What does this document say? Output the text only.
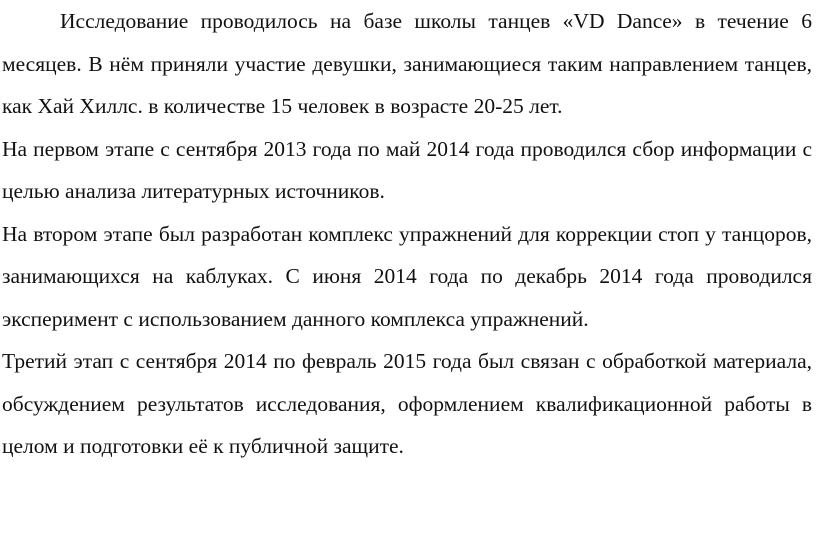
Исследование проводилось на базе школы танцев «VD Dance» в течение 6 месяцев. В нём приняли участие девушки, занимающиеся таким направлением танцев, как Хай Хиллс. в количестве 15 человек в возрасте 20-25 лет.

На первом этапе с сентября 2013 года по май 2014 года проводился сбор информации с целью анализа литературных источников.

На втором этапе был разработан комплекс упражнений для коррекции стоп у танцоров, занимающихся на каблуках. С июня 2014 года по декабрь 2014 года проводился эксперимент с использованием данного комплекса упражнений.

Третий этап с сентября 2014 по февраль 2015 года был связан с обработкой материала, обсуждением результатов исследования, оформлением квалификационной работы в целом и подготовки её к публичной защите.
